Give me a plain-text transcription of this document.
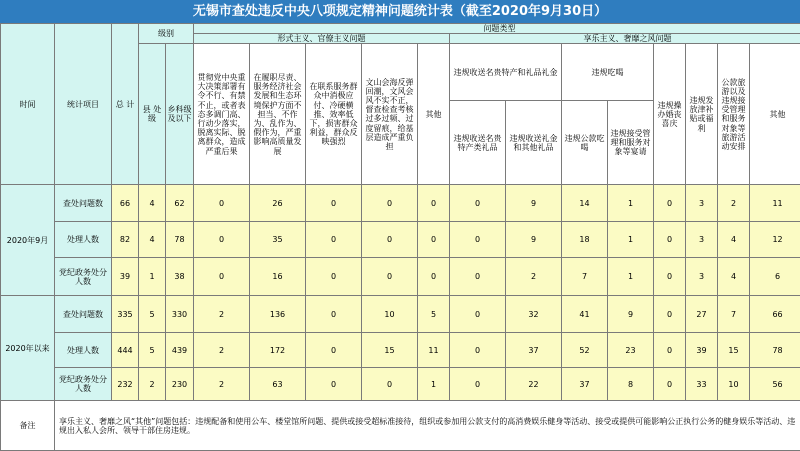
无锡市查处违反中央八项规定精神问题统计表（截至2020年9月30日）
时间	统计项目	总 计	级别		问题类型												
					形式主义、官僚主义问题					享乐主义、奢靡之风问题							
			县 处 级	乡科级及以下	贯彻党中央重大决策部署有令不行、有禁不止，或者表态多调门高、行动少落实，脱离实际、脱离群众，造成严重后果	在履职尽责、服务经济社会发展和生态环境保护方面不担当、不作为、乱作为、假作为，严重影响高质量发展	在联系服务群众中消极应付、冷硬横推、效率低下，损害群众利益，群众反映强烈	文山会海反弹回潮，文风会风不实不正，督查检查考核过多过频、过度留痕，给基层造成严重负担	其他	违规收送名贵特产和礼品礼金		违规吃喝		违规操办婚丧喜庆	违规发放津补贴或福利	公款旅游以及违规接受管理和服务对象等旅游活动安排	其他
										违规收送名贵特产类礼品	违规收送礼金和其他礼品	违规公款吃喝	违规接受管理和服务对象等宴请				
2020年9月	查处问题数	66	4	62	0	26	0	0	0	0	9	14	1	0	3	2	11
	处理人数	82	4	78	0	35	0	0	0	0	9	18	1	0	3	4	12
	党纪政务处分人数	39	1	38	0	16	0	0	0	0	2	7	1	0	3	4	6
2020年以来	查处问题数	335	5	330	2	136	0	10	5	0	32	41	9	0	27	7	66
	处理人数	444	5	439	2	172	0	15	11	0	37	52	23	0	39	15	78
	党纪政务处分人数	232	2	230	2	63	0	0	1	0	22	37	8	0	33	10	56
备注	享乐主义、奢靡之风“其他”问题包括：违规配备和使用公车、楼堂馆所问题、提供或接受超标准接待，组织或参加用公款支付的高消费娱乐健身等活动、接受或提供可能影响公正执行公务的健身娱乐等活动、违规出入私人会所、领导干部住房违规。																
